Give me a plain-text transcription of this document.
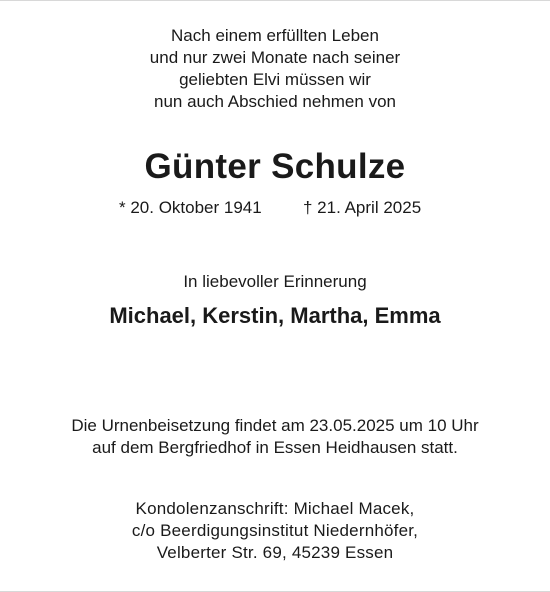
Nach einem erfüllten Leben
und nur zwei Monate nach seiner
geliebten Elvi müssen wir
nun auch Abschied nehmen von
Günter Schulze
* 20. Oktober 1941 † 21. April 2025
In liebevoller Erinnerung
Michael, Kerstin, Martha, Emma
Die Urnenbeisetzung findet am 23.05.2025 um 10 Uhr
auf dem Bergfriedhof in Essen Heidhausen statt.
Kondolenzanschrift: Michael Macek,
c/o Beerdigungsinstitut Niedernhöfer,
Velberter Str. 69, 45239 Essen
